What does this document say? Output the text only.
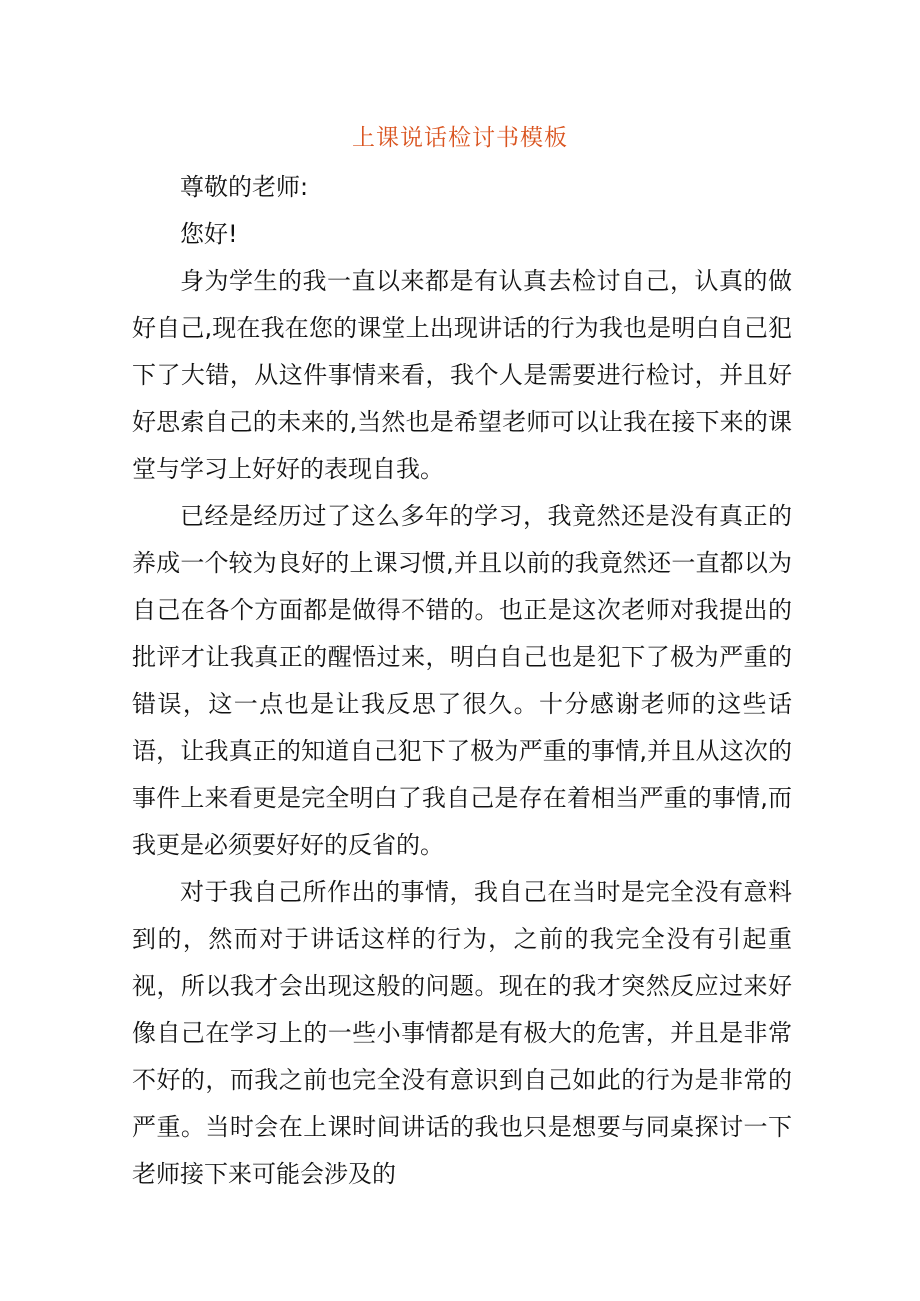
上课说话检讨书模板

尊敬的老师:

您好!

身为学生的我一直以来都是有认真去检讨自己，认真的做好自己,现在我在您的课堂上出现讲话的行为我也是明白自己犯下了大错，从这件事情来看，我个人是需要进行检讨，并且好好思索自己的未来的,当然也是希望老师可以让我在接下来的课堂与学习上好好的表现自我。

已经是经历过了这么多年的学习，我竟然还是没有真正的养成一个较为良好的上课习惯,并且以前的我竟然还一直都以为自己在各个方面都是做得不错的。也正是这次老师对我提出的批评才让我真正的醒悟过来，明白自己也是犯下了极为严重的错误，这一点也是让我反思了很久。十分感谢老师的这些话语，让我真正的知道自己犯下了极为严重的事情,并且从这次的事件上来看更是完全明白了我自己是存在着相当严重的事情,而我更是必须要好好的反省的。

对于我自己所作出的事情，我自己在当时是完全没有意料到的，然而对于讲话这样的行为，之前的我完全没有引起重视，所以我才会出现这般的问题。现在的我才突然反应过来好像自己在学习上的一些小事情都是有极大的危害，并且是非常不好的，而我之前也完全没有意识到自己如此的行为是非常的严重。当时会在上课时间讲话的我也只是想要与同桌探讨一下老师接下来可能会涉及的
